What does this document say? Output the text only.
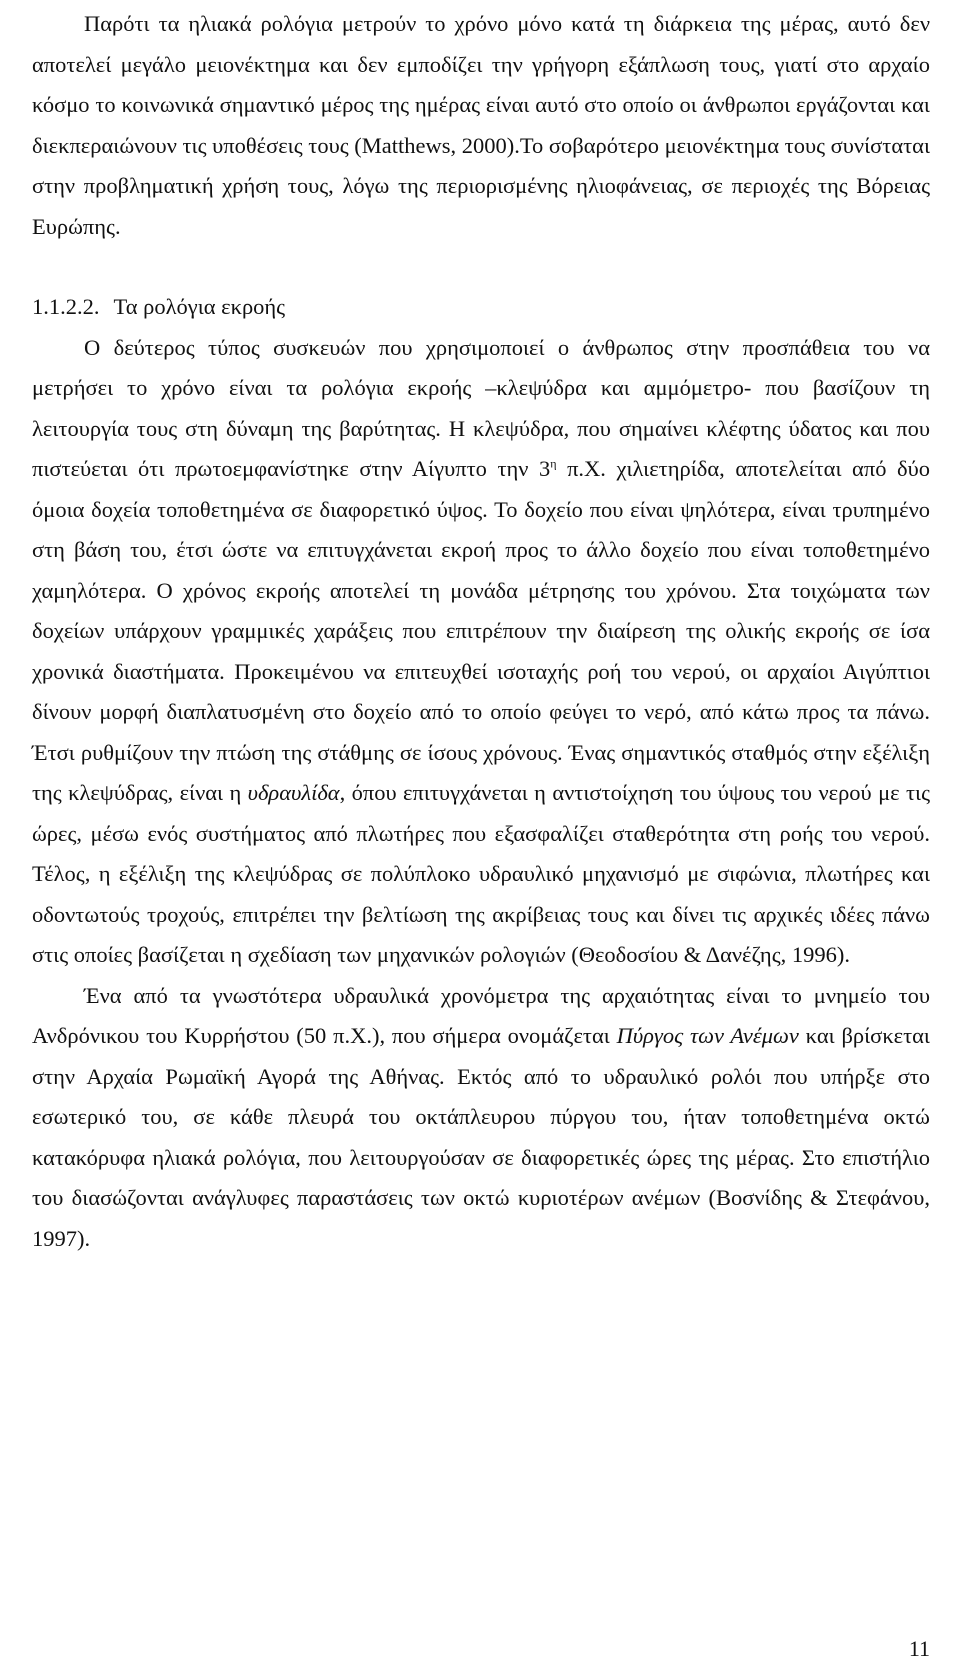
Παρότι τα ηλιακά ρολόγια μετρούν το χρόνο μόνο κατά τη διάρκεια της μέρας, αυτό δεν αποτελεί μεγάλο μειονέκτημα και δεν εμποδίζει την γρήγορη εξάπλωση τους, γιατί στο αρχαίο κόσμο το κοινωνικά σημαντικό μέρος της ημέρας είναι αυτό στο οποίο οι άνθρωποι εργάζονται και διεκπεραιώνουν τις υποθέσεις τους (Matthews, 2000).Το σοβαρότερο μειονέκτημα τους συνίσταται στην προβληματική χρήση τους, λόγω της περιορισμένης ηλιοφάνειας, σε περιοχές της Βόρειας Ευρώπης.

1.1.2.2. Τα ρολόγια εκροής

Ο δεύτερος τύπος συσκευών που χρησιμοποιεί ο άνθρωπος στην προσπάθεια του να μετρήσει το χρόνο είναι τα ρολόγια εκροής –κλεψύδρα και αμμόμετρο- που βασίζουν τη λειτουργία τους στη δύναμη της βαρύτητας. Η κλεψύδρα, που σημαίνει κλέφτης ύδατος και που πιστεύεται ότι πρωτοεμφανίστηκε στην Αίγυπτο την $3^\eta$ π.Χ. χιλιετηρίδα, αποτελείται από δύο όμοια δοχεία τοποθετημένα σε διαφορετικό ύψος. Το δοχείο που είναι ψηλότερα, είναι τρυπημένο στη βάση του, έτσι ώστε να επιτυγχάνεται εκροή προς το άλλο δοχείο που είναι τοποθετημένο χαμηλότερα. Ο χρόνος εκροής αποτελεί τη μονάδα μέτρησης του χρόνου. Στα τοιχώματα των δοχείων υπάρχουν γραμμικές χαράξεις που επιτρέπουν την διαίρεση της ολικής εκροής σε ίσα χρονικά διαστήματα. Προκειμένου να επιτευχθεί ισοταχής ροή του νερού, οι αρχαίοι Αιγύπτιοι δίνουν μορφή διαπλατυσμένη στο δοχείο από το οποίο φεύγει το νερό, από κάτω προς τα πάνω. Έτσι ρυθμίζουν την πτώση της στάθμης σε ίσους χρόνους. Ένας σημαντικός σταθμός στην εξέλιξη της κλεψύδρας, είναι η υδραυλίδα, όπου επιτυγχάνεται η αντιστοίχηση του ύψους του νερού με τις ώρες, μέσω ενός συστήματος από πλωτήρες που εξασφαλίζει σταθερότητα στη ροής του νερού. Τέλος, η εξέλιξη της κλεψύδρας σε πολύπλοκο υδραυλικό μηχανισμό με σιφώνια, πλωτήρες και οδοντωτούς τροχούς, επιτρέπει την βελτίωση της ακρίβειας τους και δίνει τις αρχικές ιδέες πάνω στις οποίες βασίζεται η σχεδίαση των μηχανικών ρολογιών (Θεοδοσίου & Δανέζης, 1996).

Ένα από τα γνωστότερα υδραυλικά χρονόμετρα της αρχαιότητας είναι το μνημείο του Ανδρόνικου του Κυρρήστου (50 π.Χ.), που σήμερα ονομάζεται Πύργος των Ανέμων και βρίσκεται στην Αρχαία Ρωμαϊκή Αγορά της Αθήνας. Εκτός από το υδραυλικό ρολόι που υπήρξε στο εσωτερικό του, σε κάθε πλευρά του οκτάπλευρου πύργου του, ήταν τοποθετημένα οκτώ κατακόρυφα ηλιακά ρολόγια, που λειτουργούσαν σε διαφορετικές ώρες της μέρας. Στο επιστήλιο του διασώζονται ανάγλυφες παραστάσεις των οκτώ κυριοτέρων ανέμων (Βοσνίδης & Στεφάνου, 1997).

11
